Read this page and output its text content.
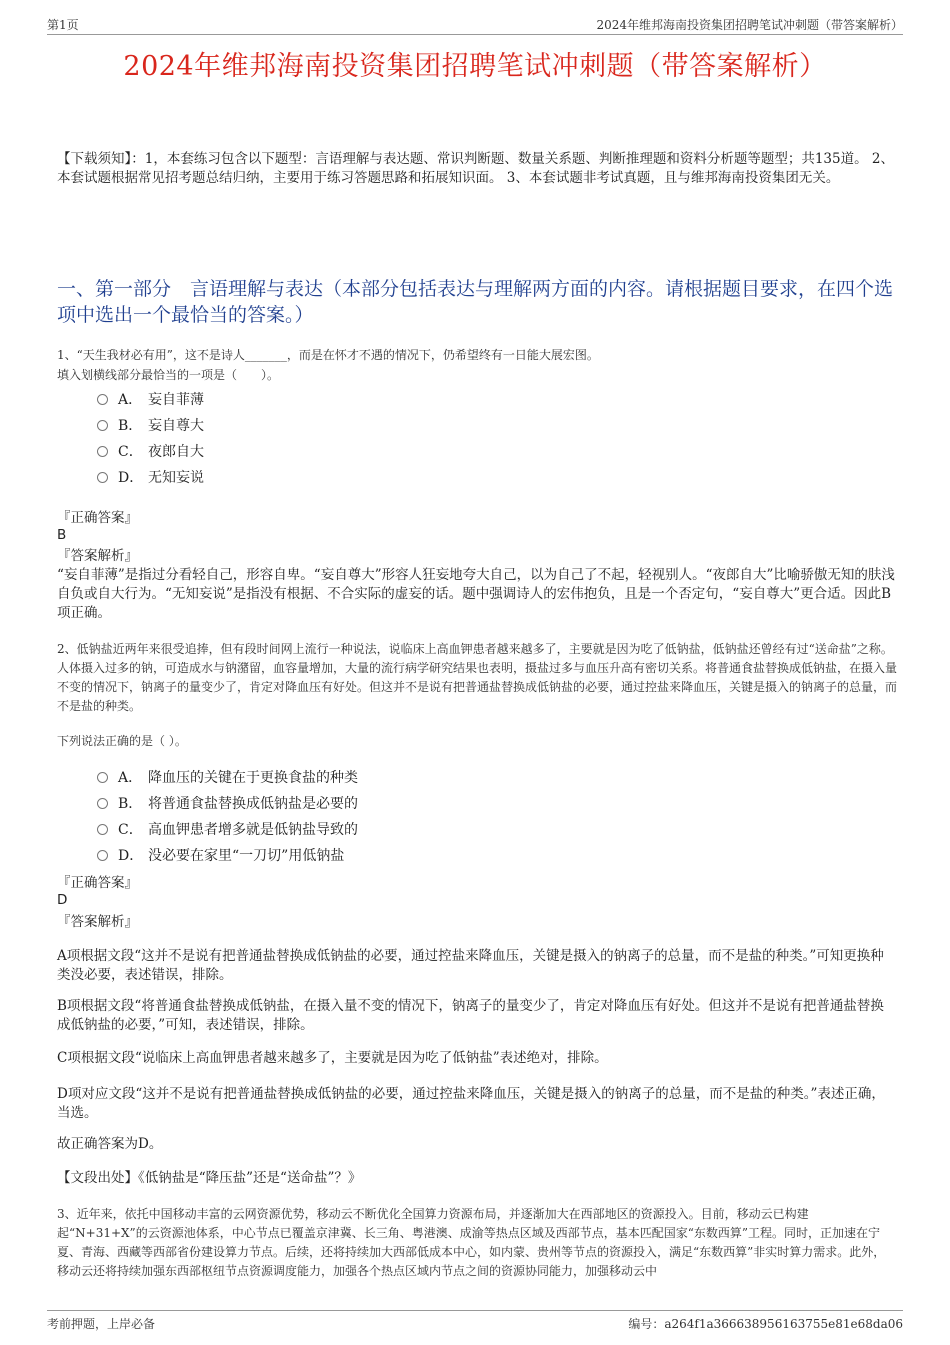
第1页	2024年维邦海南投资集团招聘笔试冲刺题（带答案解析）
2024年维邦海南投资集团招聘笔试冲刺题（带答案解析）
【下载须知】：1，本套练习包含以下题型：言语理解与表达题、常识判断题、数量关系题、判断推理题和资料分析题等题型；共135道。 2、本套试题根据常见招考题总结归纳，主要用于练习答题思路和拓展知识面。 3、本套试题非考试真题，且与维邦海南投资集团无关。
一、第一部分　言语理解与表达（本部分包括表达与理解两方面的内容。请根据题目要求，在四个选项中选出一个最恰当的答案。）
1、“天生我材必有用”，这不是诗人_______，而是在怀才不遇的情况下，仍希望终有一日能大展宏图。
填入划横线部分最恰当的一项是（　　）。
A． 妄自菲薄
B． 妄自尊大
C． 夜郎自大
D． 无知妄说
『正确答案』
B
『答案解析』
“妄自菲薄”是指过分看轻自己，形容自卑。“妄自尊大”形容人狂妄地夸大自己，以为自己了不起，轻视别人。“夜郎自大”比喻骄傲无知的肤浅自负或自大行为。“无知妄说”是指没有根据、不合实际的虚妄的话。题中强调诗人的宏伟抱负，且是一个否定句，“妄自尊大”更合适。因此B项正确。
2、低钠盐近两年来很受追捧，但有段时间网上流行一种说法，说临床上高血钾患者越来越多了，主要就是因为吃了低钠盐，低钠盐还曾经有过“送命盐”之称。人体摄入过多的钠，可造成水与钠潴留，血容量增加，大量的流行病学研究结果也表明，摄盐过多与血压升高有密切关系。将普通食盐替换成低钠盐，在摄入量不变的情况下，钠离子的量变少了，肯定对降血压有好处。但这并不是说有把普通盐替换成低钠盐的必要，通过控盐来降血压，关键是摄入的钠离子的总量，而不是盐的种类。
下列说法正确的是（ ）。
A． 降血压的关键在于更换食盐的种类
B． 将普通食盐替换成低钠盐是必要的
C． 高血钾患者增多就是低钠盐导致的
D． 没必要在家里“一刀切”用低钠盐
『正确答案』
D
『答案解析』
A项根据文段“这并不是说有把普通盐替换成低钠盐的必要，通过控盐来降血压，关键是摄入的钠离子的总量，而不是盐的种类。”可知更换种类没必要，表述错误，排除。
B项根据文段“将普通食盐替换成低钠盐，在摄入量不变的情况下，钠离子的量变少了，肯定对降血压有好处。但这并不是说有把普通盐替换成低钠盐的必要，”可知，表述错误，排除。
C项根据文段“说临床上高血钾患者越来越多了，主要就是因为吃了低钠盐”表述绝对，排除。
D项对应文段“这并不是说有把普通盐替换成低钠盐的必要，通过控盐来降血压，关键是摄入的钠离子的总量，而不是盐的种类。”表述正确，当选。
故正确答案为D。
【文段出处】《低钠盐是“降压盐”还是“送命盐”？》
3、近年来，依托中国移动丰富的云网资源优势，移动云不断优化全国算力资源布局，并逐渐加大在西部地区的资源投入。目前，移动云已构建起“N+31+X”的云资源池体系，中心节点已覆盖京津冀、长三角、粤港澳、成渝等热点区域及西部节点，基本匹配国家“东数西算”工程。同时，正加速在宁夏、青海、西藏等西部省份建设算力节点。后续，还将持续加大西部低成本中心，如内蒙、贵州等节点的资源投入，满足“东数西算”非实时算力需求。此外，移动云还将持续加强东西部枢纽节点资源调度能力，加强各个热点区域内节点之间的资源协同能力，加强移动云中
考前押题，上岸必备	编号：a264f1a366638956163755e81e68da06
